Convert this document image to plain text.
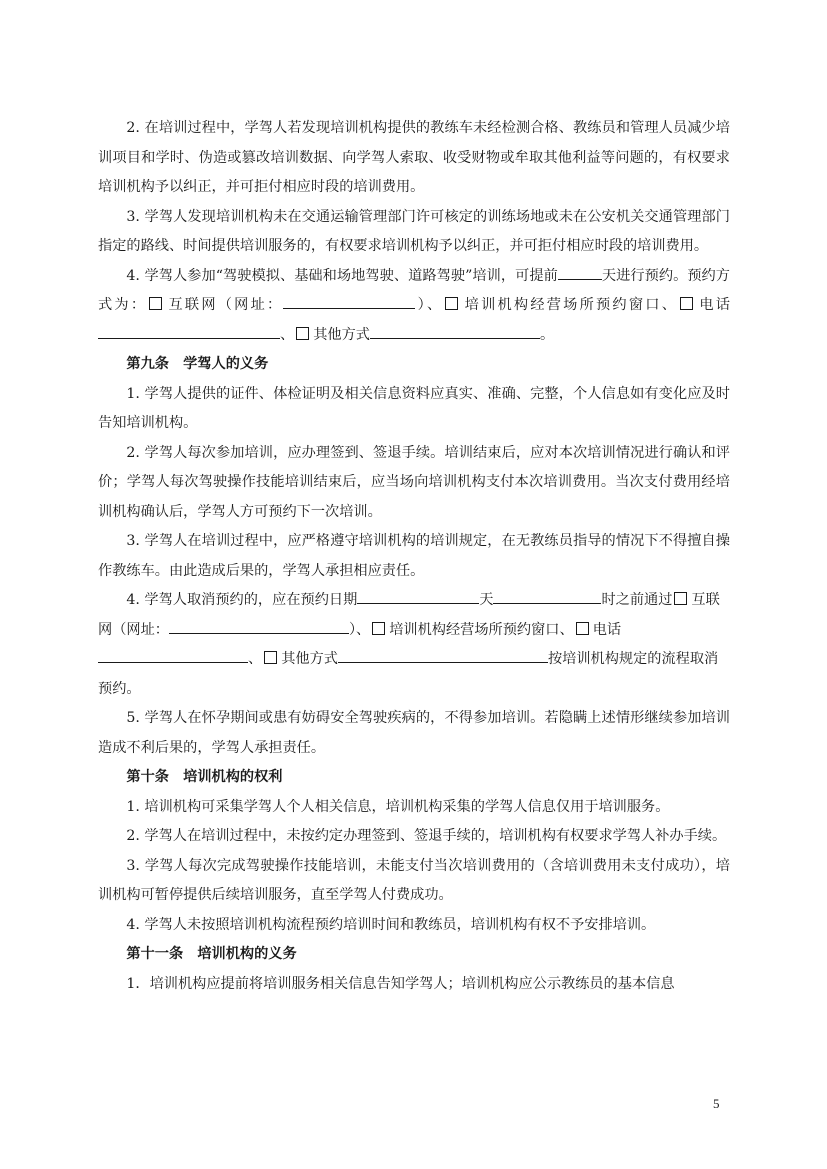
2. 在培训过程中，学驾人若发现培训机构提供的教练车未经检测合格、教练员和管理人员减少培训项目和学时、伪造或篡改培训数据、向学驾人索取、收受财物或牟取其他利益等问题的，有权要求培训机构予以纠正，并可拒付相应时段的培训费用。

3. 学驾人发现培训机构未在交通运输管理部门许可核定的训练场地或未在公安机关交通管理部门指定的路线、时间提供培训服务的，有权要求培训机构予以纠正，并可拒付相应时段的培训费用。

4. 学驾人参加“驾驶模拟、基础和场地驾驶、道路驾驶”培训，可提前	天进行预约。预约方式为： 互联网（网址：	）、 培训机构经营场所预约窗口、 电话、 其他方式	。

第九条　学驾人的义务

1. 学驾人提供的证件、体检证明及相关信息资料应真实、准确、完整，个人信息如有变化应及时告知培训机构。

2. 学驾人每次参加培训，应办理签到、签退手续。培训结束后，应对本次培训情况进行确认和评价；学驾人每次驾驶操作技能培训结束后，应当场向培训机构支付本次培训费用。当次支付费用经培训机构确认后，学驾人方可预约下一次培训。

3. 学驾人在培训过程中，应严格遵守培训机构的培训规定，在无教练员指导的情况下不得擅自操作教练车。由此造成后果的，学驾人承担相应责任。

4. 学驾人取消预约的，应在预约日期	天	时之前通过 互联网（网址：	）、 培训机构经营场所预约窗口、 电话、 其他方式	按培训机构规定的流程取消预约。

5. 学驾人在怀孕期间或患有妨碍安全驾驶疾病的，不得参加培训。若隐瞒上述情形继续参加培训造成不利后果的，学驾人承担责任。

第十条　培训机构的权利

1. 培训机构可采集学驾人个人相关信息，培训机构采集的学驾人信息仅用于培训服务。

2. 学驾人在培训过程中，未按约定办理签到、签退手续的，培训机构有权要求学驾人补办手续。

3. 学驾人每次完成驾驶操作技能培训，未能支付当次培训费用的（含培训费用未支付成功），培训机构可暂停提供后续培训服务，直至学驾人付费成功。

4. 学驾人未按照培训机构流程预约培训时间和教练员，培训机构有权不予安排培训。

第十一条　培训机构的义务

1．培训机构应提前将培训服务相关信息告知学驾人；培训机构应公示教练员的基本信息

5
